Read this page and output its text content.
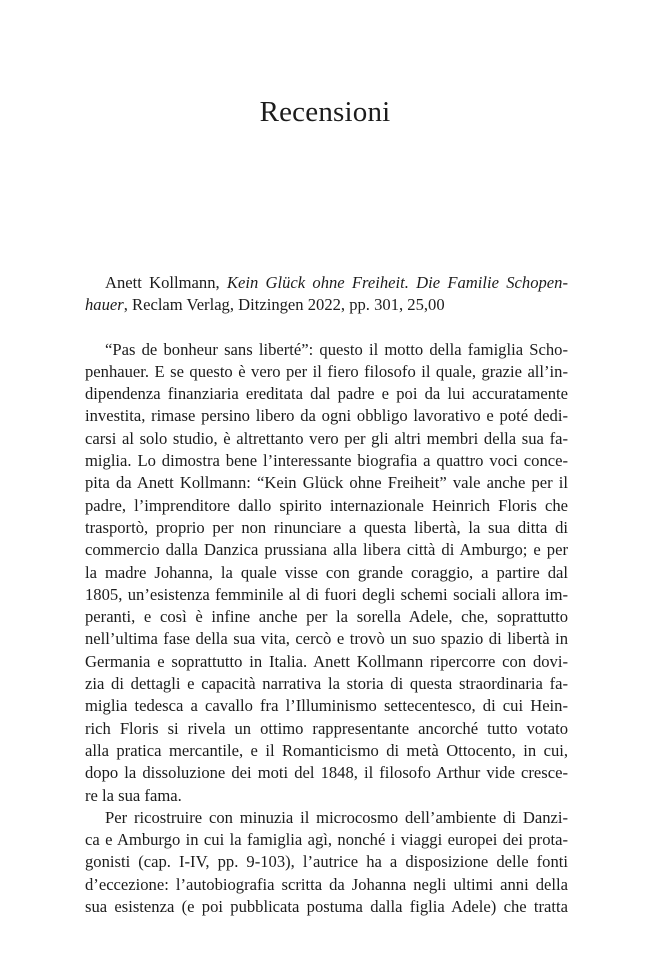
Recensioni
Anett Kollmann, Kein Glück ohne Freiheit. Die Familie Schopen-
hauer, Reclam Verlag, Ditzingen 2022, pp. 301, 25,00
“Pas de bonheur sans liberté”: questo il motto della famiglia Scho-
penhauer. E se questo è vero per il fiero filosofo il quale, grazie all’in-
dipendenza finanziaria ereditata dal padre e poi da lui accuratamente
investita, rimase persino libero da ogni obbligo lavorativo e poté dedi-
carsi al solo studio, è altrettanto vero per gli altri membri della sua fa-
miglia. Lo dimostra bene l’interessante biografia a quattro voci conce-
pita da Anett Kollmann: “Kein Glück ohne Freiheit” vale anche per il
padre, l’imprenditore dallo spirito internazionale Heinrich Floris che
trasportò, proprio per non rinunciare a questa libertà, la sua ditta di
commercio dalla Danzica prussiana alla libera città di Amburgo; e per
la madre Johanna, la quale visse con grande coraggio, a partire dal
1805, un’esistenza femminile al di fuori degli schemi sociali allora im-
peranti, e così è infine anche per la sorella Adele, che, soprattutto
nell’ultima fase della sua vita, cercò e trovò un suo spazio di libertà in
Germania e soprattutto in Italia. Anett Kollmann ripercorre con dovi-
zia di dettagli e capacità narrativa la storia di questa straordinaria fa-
miglia tedesca a cavallo fra l’Illuminismo settecentesco, di cui Hein-
rich Floris si rivela un ottimo rappresentante ancorché tutto votato
alla pratica mercantile, e il Romanticismo di metà Ottocento, in cui,
dopo la dissoluzione dei moti del 1848, il filosofo Arthur vide cresce-
re la sua fama.
Per ricostruire con minuzia il microcosmo dell’ambiente di Danzi-
ca e Amburgo in cui la famiglia agì, nonché i viaggi europei dei prota-
gonisti (cap. I-IV, pp. 9-103), l’autrice ha a disposizione delle fonti
d’eccezione: l’autobiografia scritta da Johanna negli ultimi anni della
sua esistenza (e poi pubblicata postuma dalla figlia Adele) che tratta
